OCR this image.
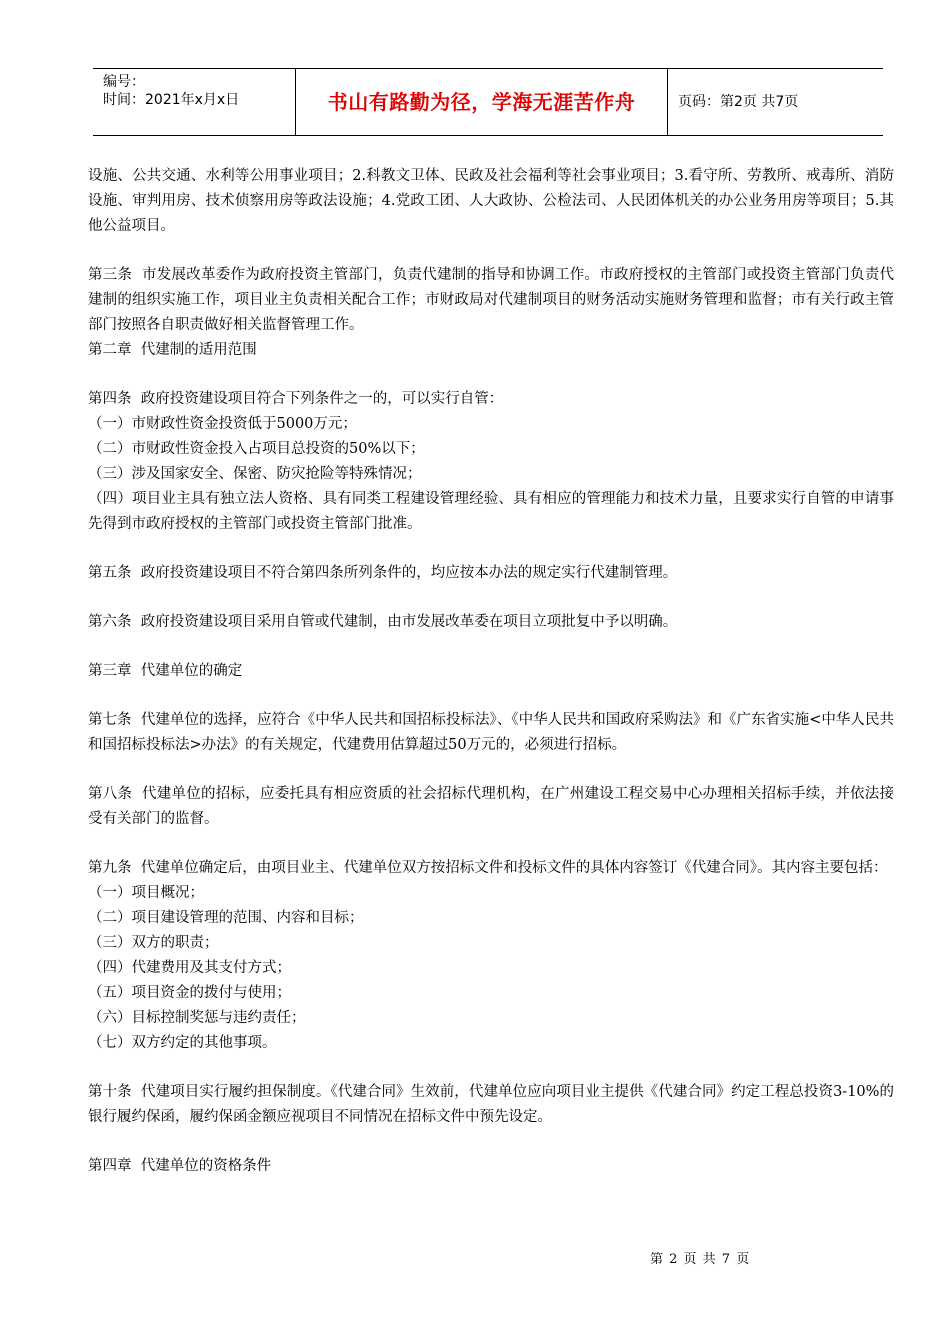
编号：
时间：2021年x月x日	书山有路勤为径，学海无涯苦作舟	页码：第2页 共7页

设施、公共交通、水利等公用事业项目；2.科教文卫体、民政及社会福利等社会事业项目；3.看守所、劳教所、戒毒所、消防设施、审判用房、技术侦察用房等政法设施；4.党政工团、人大政协、公检法司、人民团体机关的办公业务用房等项目；5.其他公益项目。

第三条  市发展改革委作为政府投资主管部门，负责代建制的指导和协调工作。市政府授权的主管部门或投资主管部门负责代建制的组织实施工作，项目业主负责相关配合工作；市财政局对代建制项目的财务活动实施财务管理和监督；市有关行政主管部门按照各自职责做好相关监督管理工作。

第二章  代建制的适用范围

第四条  政府投资建设项目符合下列条件之一的，可以实行自管：

（一）市财政性资金投资低于5000万元；

（二）市财政性资金投入占项目总投资的50%以下；

（三）涉及国家安全、保密、防灾抢险等特殊情况；

（四）项目业主具有独立法人资格、具有同类工程建设管理经验、具有相应的管理能力和技术力量，且要求实行自管的申请事先得到市政府授权的主管部门或投资主管部门批准。

第五条  政府投资建设项目不符合第四条所列条件的，均应按本办法的规定实行代建制管理。

第六条  政府投资建设项目采用自管或代建制，由市发展改革委在项目立项批复中予以明确。

第三章  代建单位的确定

第七条  代建单位的选择，应符合《中华人民共和国招标投标法》、《中华人民共和国政府采购法》和《广东省实施<中华人民共和国招标投标法>办法》的有关规定，代建费用估算超过50万元的，必须进行招标。

第八条  代建单位的招标，应委托具有相应资质的社会招标代理机构，在广州建设工程交易中心办理相关招标手续，并依法接受有关部门的监督。

第九条  代建单位确定后，由项目业主、代建单位双方按招标文件和投标文件的具体内容签订《代建合同》。其内容主要包括：

（一）项目概况；

（二）项目建设管理的范围、内容和目标；

（三）双方的职责；

（四）代建费用及其支付方式；

（五）项目资金的拨付与使用；

（六）目标控制奖惩与违约责任；

（七）双方约定的其他事项。

第十条  代建项目实行履约担保制度。《代建合同》生效前，代建单位应向项目业主提供《代建合同》约定工程总投资3-10%的银行履约保函，履约保函金额应视项目不同情况在招标文件中预先设定。

第四章  代建单位的资格条件

第 2 页 共 7 页
